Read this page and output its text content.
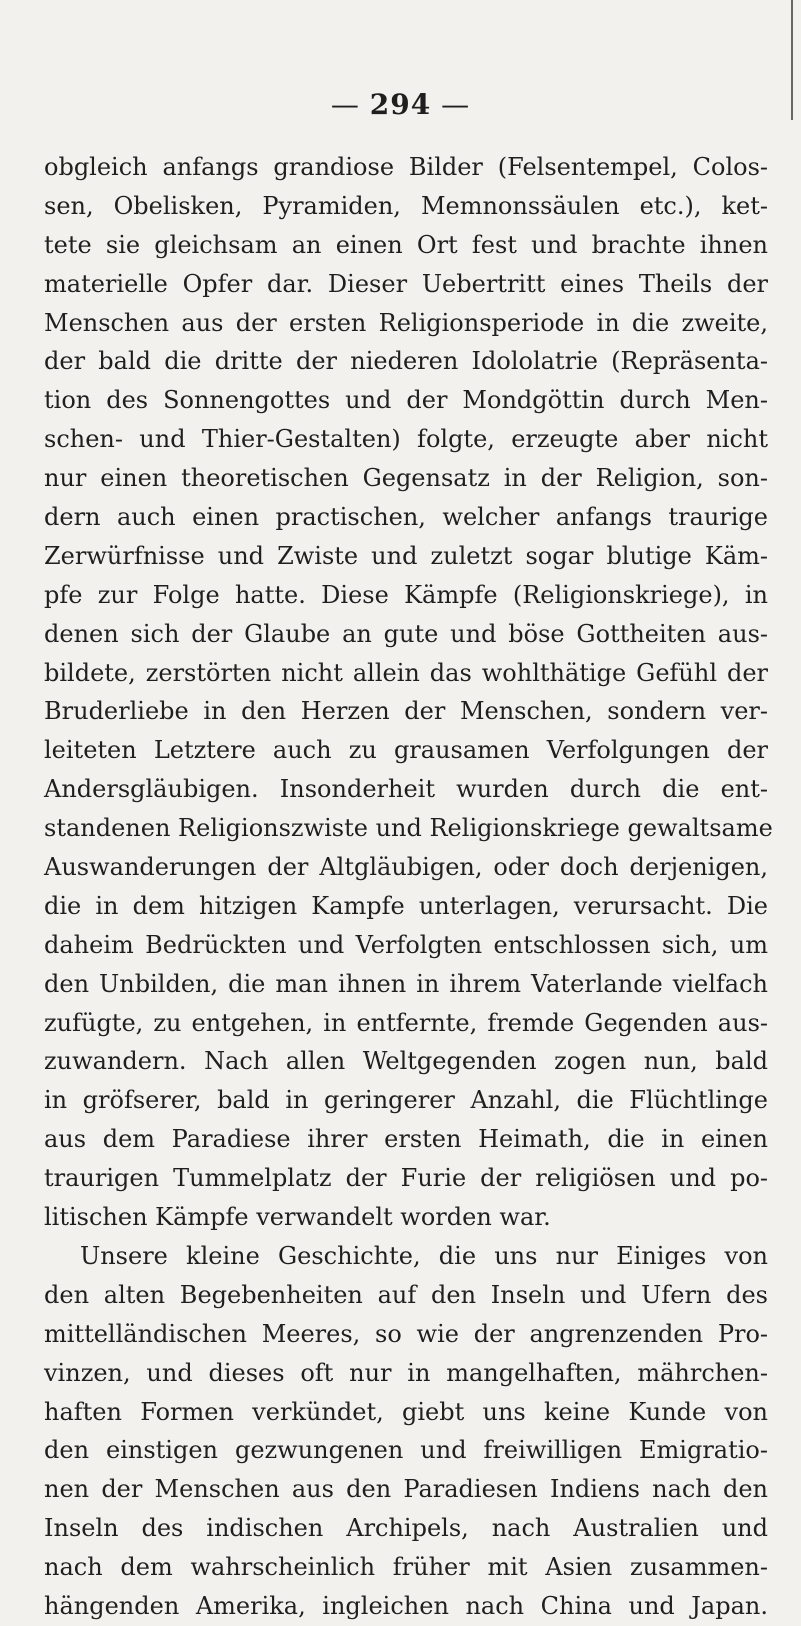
— 294 —
obgleich anfangs grandiose Bilder (Felsentempel, Colos-
sen, Obelisken, Pyramiden, Memnonssäulen etc.), ket-
tete sie gleichsam an einen Ort fest und brachte ihnen
materielle Opfer dar. Dieser Uebertritt eines Theils der
Menschen aus der ersten Religionsperiode in die zweite,
der bald die dritte der niederen Idololatrie (Repräsenta-
tion des Sonnengottes und der Mondgöttin durch Men-
schen- und Thier-Gestalten) folgte, erzeugte aber nicht
nur einen theoretischen Gegensatz in der Religion, son-
dern auch einen practischen, welcher anfangs traurige
Zerwürfnisse und Zwiste und zuletzt sogar blutige Käm-
pfe zur Folge hatte. Diese Kämpfe (Religionskriege), in
denen sich der Glaube an gute und böse Gottheiten aus-
bildete, zerstörten nicht allein das wohlthätige Gefühl der
Bruderliebe in den Herzen der Menschen, sondern ver-
leiteten Letztere auch zu grausamen Verfolgungen der
Andersgläubigen. Insonderheit wurden durch die ent-
standenen Religionszwiste und Religionskriege gewaltsame
Auswanderungen der Altgläubigen, oder doch derjenigen,
die in dem hitzigen Kampfe unterlagen, verursacht. Die
daheim Bedrückten und Verfolgten entschlossen sich, um
den Unbilden, die man ihnen in ihrem Vaterlande vielfach
zufügte, zu entgehen, in entfernte, fremde Gegenden aus-
zuwandern. Nach allen Weltgegenden zogen nun, bald
in gröfserer, bald in geringerer Anzahl, die Flüchtlinge
aus dem Paradiese ihrer ersten Heimath, die in einen
traurigen Tummelplatz der Furie der religiösen und po-
litischen Kämpfe verwandelt worden war.
Unsere kleine Geschichte, die uns nur Einiges von
den alten Begebenheiten auf den Inseln und Ufern des
mittelländischen Meeres, so wie der angrenzenden Pro-
vinzen, und dieses oft nur in mangelhaften, mährchen-
haften Formen verkündet, giebt uns keine Kunde von
den einstigen gezwungenen und freiwilligen Emigratio-
nen der Menschen aus den Paradiesen Indiens nach den
Inseln des indischen Archipels, nach Australien und
nach dem wahrscheinlich früher mit Asien zusammen-
hängenden Amerika, ingleichen nach China und Japan.
